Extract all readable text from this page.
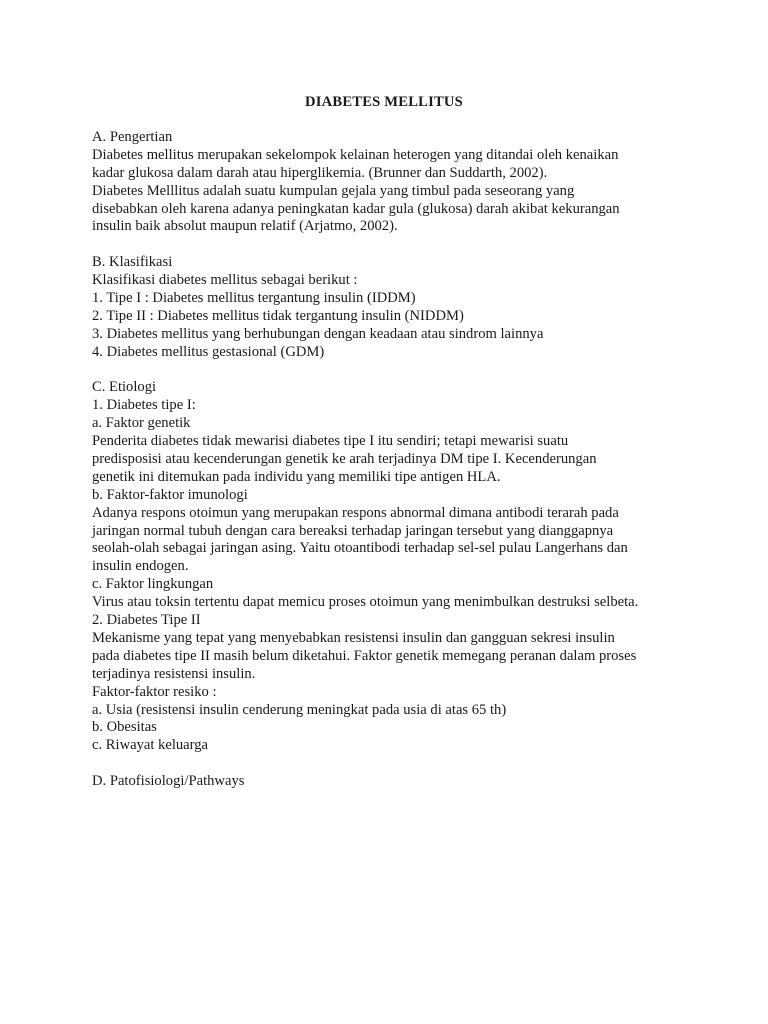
DIABETES MELLITUS
A. Pengertian
Diabetes mellitus merupakan sekelompok kelainan heterogen yang ditandai oleh kenaikan
kadar glukosa dalam darah atau hiperglikemia. (Brunner dan Suddarth, 2002).
Diabetes Melllitus adalah suatu kumpulan gejala yang timbul pada seseorang yang
disebabkan oleh karena adanya peningkatan kadar gula (glukosa) darah akibat kekurangan
insulin baik absolut maupun relatif (Arjatmo, 2002).
B. Klasifikasi
Klasifikasi diabetes mellitus sebagai berikut :
1. Tipe I : Diabetes mellitus tergantung insulin (IDDM)
2. Tipe II : Diabetes mellitus tidak tergantung insulin (NIDDM)
3. Diabetes mellitus yang berhubungan dengan keadaan atau sindrom lainnya
4. Diabetes mellitus gestasional (GDM)
C. Etiologi
1. Diabetes tipe I:
a. Faktor genetik
Penderita diabetes tidak mewarisi diabetes tipe I itu sendiri; tetapi mewarisi suatu
predisposisi atau kecenderungan genetik ke arah terjadinya DM tipe I. Kecenderungan
genetik ini ditemukan pada individu yang memiliki tipe antigen HLA.
b. Faktor-faktor imunologi
Adanya respons otoimun yang merupakan respons abnormal dimana antibodi terarah pada
jaringan normal tubuh dengan cara bereaksi terhadap jaringan tersebut yang dianggapnya
seolah-olah sebagai jaringan asing. Yaitu otoantibodi terhadap sel-sel pulau Langerhans dan
insulin endogen.
c. Faktor lingkungan
Virus atau toksin tertentu dapat memicu proses otoimun yang menimbulkan destruksi selbeta.
2. Diabetes Tipe II
Mekanisme yang tepat yang menyebabkan resistensi insulin dan gangguan sekresi insulin
pada diabetes tipe II masih belum diketahui. Faktor genetik memegang peranan dalam proses
terjadinya resistensi insulin.
Faktor-faktor resiko :
a. Usia (resistensi insulin cenderung meningkat pada usia di atas 65 th)
b. Obesitas
c. Riwayat keluarga
D. Patofisiologi/Pathways
